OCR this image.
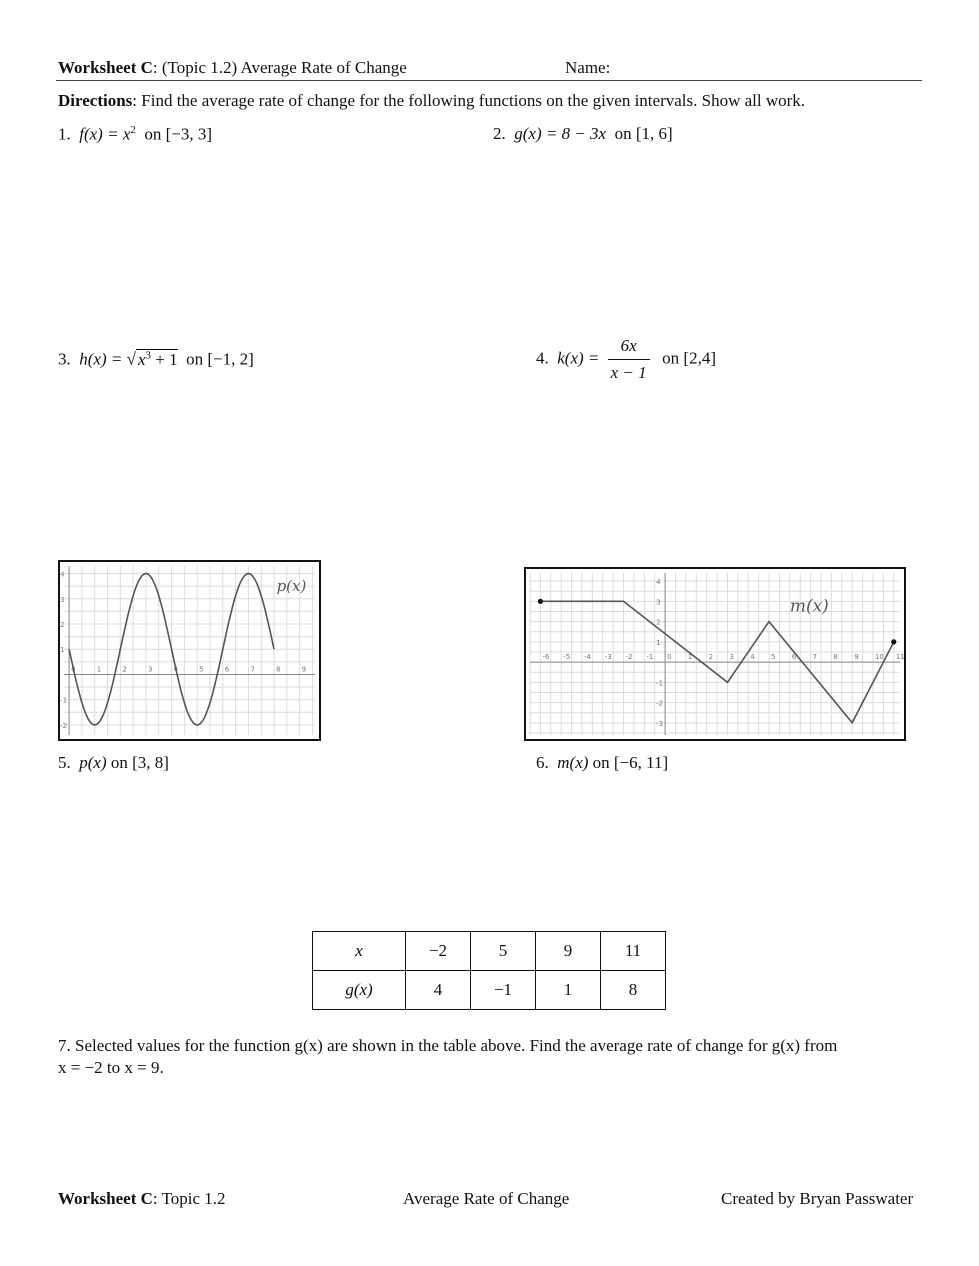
Worksheet C: (Topic 1.2) Average Rate of Change	Name:
Directions: Find the average rate of change for the following functions on the given intervals. Show all work.
1. $f(x) = x^2$ on [−3, 3]	2. g(x) = 8 − 3x on [1, 6]
3. h(x) = √ $x^3 + 1$ on [−1, 2]	4. $k(x) = \frac{6x}{x - 1}$ on [2,4]
0	1	2	3	4	5	6	7	8	9
-2
-1
1
2
3
4
p(x)
-6 -5 -4 -3 -2 -1 0 1 2 3 4 5 6 7 8 9 10 11
-3
-2
-1
1
2
3
4
m(x)
5. p(x) on [3, 8]	6. m(x) on [−6, 11]
x	−2	5	9	11
g(x)	4	−1	1	8
7. Selected values for the function g(x) are shown in the table above. Find the average rate of change for g(x) from
x = −2 to x = 9.
Worksheet C: Topic 1.2	Average Rate of Change	Created by Bryan Passwater
